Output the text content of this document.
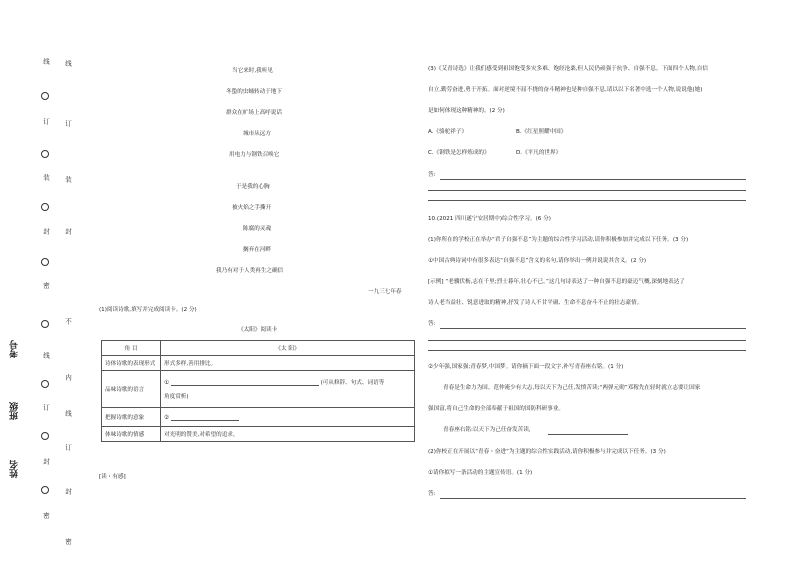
线
订
装
封
密
线
订
封
密
不
内
线
订
封
密
线
订
装
封
考号
班级
姓名
当它来时,我听见
冬蛰的虫蛹转动于地下
群众在旷场上高呼说话
城市从远方
用电力与钢铁召唤它
于是我的心胸
被火焰之手撕开
陈腐的灵魂
搁弃在河畔
我乃有对于人类再生之确信
一九三七年春
(1)阅读诗歌,填写并完成阅读卡。(2 分)
《太阳》阅读卡
角 目	《太 阳》
诗体诗歌的表现形式	形式多样,善用排比。
品味诗歌的语言	① (可从修辞、句式、词语等

角度赏析)
把握诗歌的意象	②
体味诗歌的情感	对光明的赞美,对希望的追求。
[读・有感]
(3)《艾青诗选》让我们感受到祖国饱受多灾多难、饱经沧桑,但人民仍顽强于抗争、自强不息。下面四个人物,自信
自立,勤劳奋进,勇于开拓。面对逆境不屈不挠的奋斗精神也是种自强不息,请以以下名著中选一个人物,说说他(她)
是如何体现这种精神的。(2 分)
A.《骆驼祥子》	B.《红星照耀中国》
C.《钢铁是怎样炼成的》	D.《平凡的世界》
答:
10.(2021 四川遂宁安居期中)综合性学习。(6 分)
(1)你所在的学校正在举办“君子自强不息”为主题的综合性学习活动,请你积极参加并完成以下任务。(3 分)
①中国古典诗词中有很多表达“自强不息”含义的名句,请你举出一例并说说其含义。(2 分)
[示例] “老骥伏枥,志在千里;烈士暮年,壮心不已。”这几句诗表达了一种自强不息的豪迈气概,深刻地表达了
诗人老当益壮、锐意进取的精神,抒发了诗人不甘平庸、生命不息奋斗不止的壮志豪情。
答:
②少年强,国家强;青春梦,中国梦。请你摘下面一段文字,补写青春座右铭。(1 分)
青春是生命力为国。范仲淹少有大志,每以天下为己任,发愤苦读;“两弹元勋”邓稼先在轻时就立志要让国家
强国富,将自己生命的全部奉献于祖国的国防科研事业。
青春座右铭:以天下为己任奋发苦读,
(2)你校正在开展以“青春・奋进”为主题的综合性实践活动,请你积极参与并完成以下任务。(3 分)
①请你拟写一条活动的主题宣传语。(1 分)
答:
